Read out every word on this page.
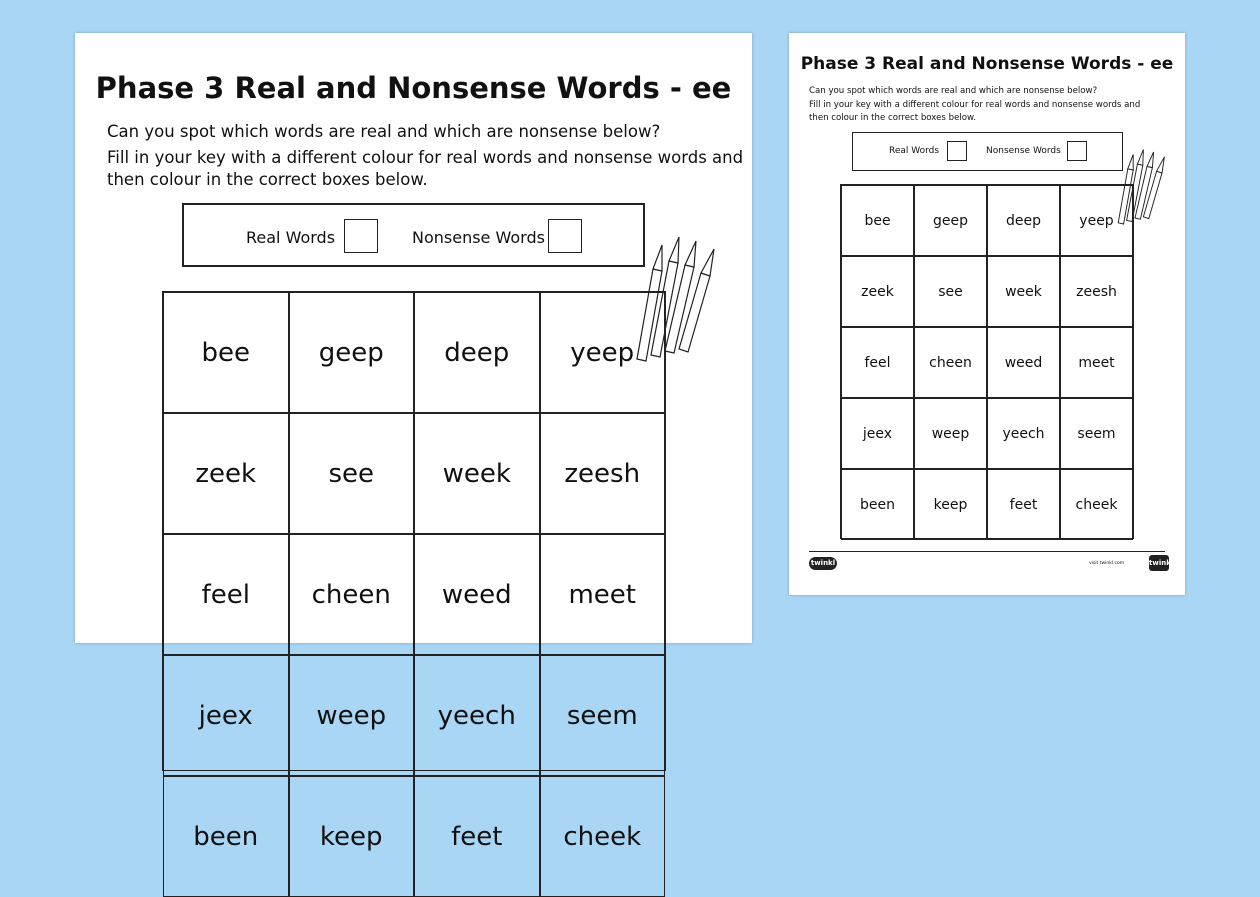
Phase 3 Real and Nonsense Words - ee
Can you spot which words are real and which are nonsense below?
Fill in your key with a different colour for real words and nonsense words and
then colour in the correct boxes below.
Real Words	Nonsense Words
bee	geep	deep	yeep
zeek	see	week	zeesh
feel	cheen	weed	meet
jeex	weep	yeech	seem
been	keep	feet	cheek
Phase 3 Real and Nonsense Words - ee
Can you spot which words are real and which are nonsense below?
Fill in your key with a different colour for real words and nonsense words and
then colour in the correct boxes below.
Real Words	Nonsense Words
bee	geep	deep	yeep
zeek	see	week	zeesh
feel	cheen	weed	meet
jeex	weep	yeech	seem
been	keep	feet	cheek
twinkl	visit twinkl.com	twinkl
